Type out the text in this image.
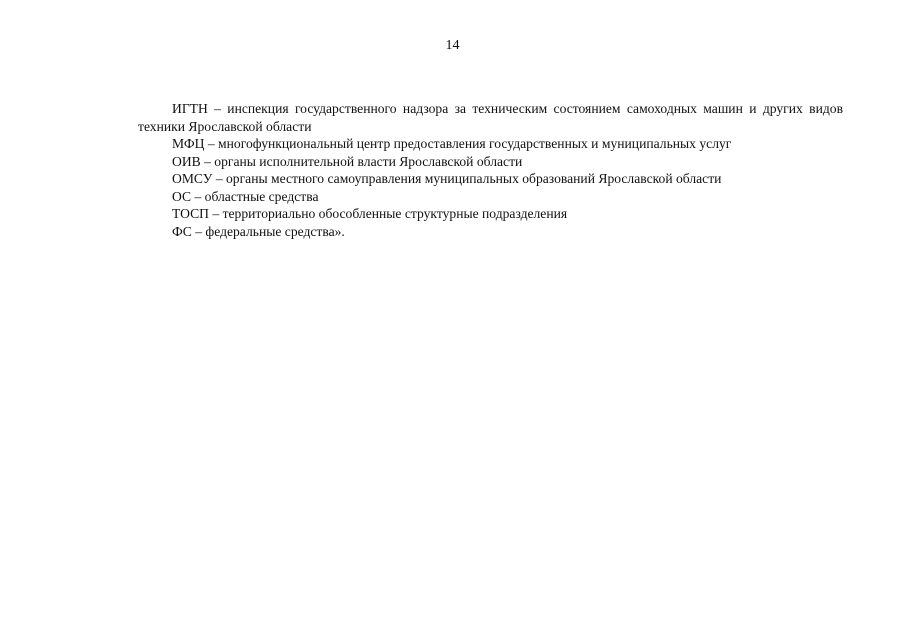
14

ИГТН – инспекция государственного надзора за техническим состоянием самоходных машин и других видов техники Ярославской области

МФЦ – многофункциональный центр предоставления государственных и муниципальных услуг

ОИВ – органы исполнительной власти Ярославской области

ОМСУ – органы местного самоуправления муниципальных образований Ярославской области

ОС – областные средства

ТОСП – территориально обособленные структурные подразделения

ФС – федеральные средства».
